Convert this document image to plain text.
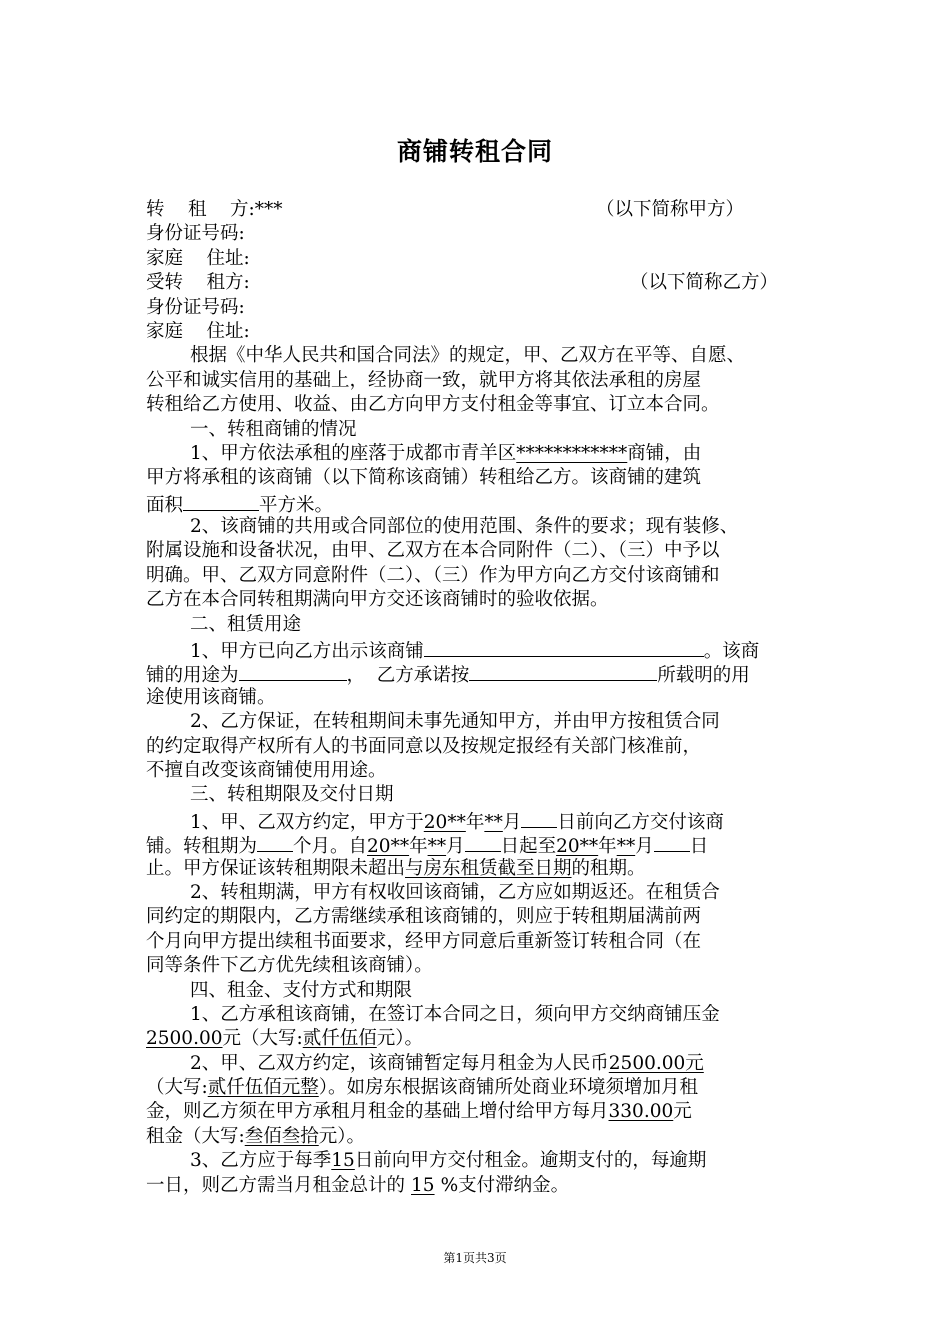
商铺转租合同
转    租    方:***	（以下简称甲方）
身份证号码:
家庭    住址:
受转    租方:	（以下简称乙方）
身份证号码:
家庭    住址:
根据《中华人民共和国合同法》的规定，甲、乙双方在平等、自愿、
公平和诚实信用的基础上，经协商一致，就甲方将其依法承租的房屋
转租给乙方使用、收益、由乙方向甲方支付租金等事宜、订立本合同。
一、转租商铺的情况
1、甲方依法承租的座落于成都市青羊区************商铺，由
甲方将承租的该商铺（以下简称该商铺）转租给乙方。该商铺的建筑
面积	平方米。
2、该商铺的共用或合同部位的使用范围、条件的要求；现有装修、
附属设施和设备状况，由甲、乙双方在本合同附件（二）、（三）中予以
明确。甲、乙双方同意附件（二）、（三）作为甲方向乙方交付该商铺和
乙方在本合同转租期满向甲方交还该商铺时的验收依据。
二、租赁用途
1、甲方已向乙方出示该商铺	。该商
铺的用途为	，  乙方承诺按	所载明的用
途使用该商铺。
2、乙方保证，在转租期间未事先通知甲方，并由甲方按租赁合同
的约定取得产权所有人的书面同意以及按规定报经有关部门核准前，
不擅自改变该商铺使用用途。
三、转租期限及交付日期
1、甲、乙双方约定，甲方于20**年**月 日前向乙方交付该商
铺。转租期为 个月。自20**年**月 日起至20**年**月 日
止。甲方保证该转租期限未超出与房东租赁截至日期的租期。
2、转租期满，甲方有权收回该商铺，乙方应如期返还。在租赁合
同约定的期限内，乙方需继续承租该商铺的，则应于转租期届满前两
个月向甲方提出续租书面要求，经甲方同意后重新签订转租合同（在
同等条件下乙方优先续租该商铺）。
四、租金、支付方式和期限
1、乙方承租该商铺，在签订本合同之日，须向甲方交纳商铺压金
2500.00元（大写:贰仟伍佰元）。
2、甲、乙双方约定，该商铺暂定每月租金为人民币2500.00元
（大写:贰仟伍佰元整）。如房东根据该商铺所处商业环境须增加月租
金，则乙方须在甲方承租月租金的基础上增付给甲方每月330.00元
租金（大写:叁佰叁拾元）。
3、乙方应于每季15日前向甲方交付租金。逾期支付的，每逾期
一日，则乙方需当月租金总计的 15 %支付滞纳金。
第1页共3页
